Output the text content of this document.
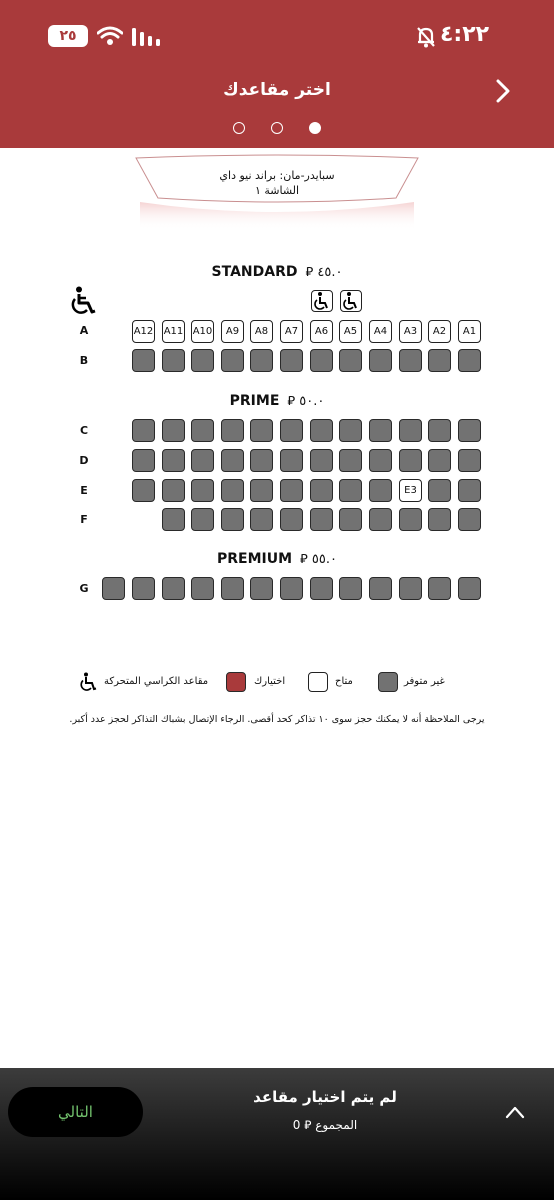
٢٥	٤:٢٢
اختر مقاعدك
سبايدر-مان: براند نيو داي
الشاشة ١
STANDARD ⃁ ٤٥.٠
PRIME ⃁ ٥٠.٠
PREMIUM ⃁ ٥٥.٠
A
B
C
D
E
F
G
A12 A11 A10	A9	A8	A7	A6	A5	A4	A3	A2	A1
E3
غير متوفر
متاح
اختيارك
مقاعد الكراسي المتحركة
يرجى الملاحظة أنه لا يمكنك حجز سوى ١٠ تذاكر كحد أقصى. الرجاء الإتصال بشباك التذاكر لحجز عدد أكبر.
التالي
لم يتم اختيار مقاعد
المجموع ⃁ 0
